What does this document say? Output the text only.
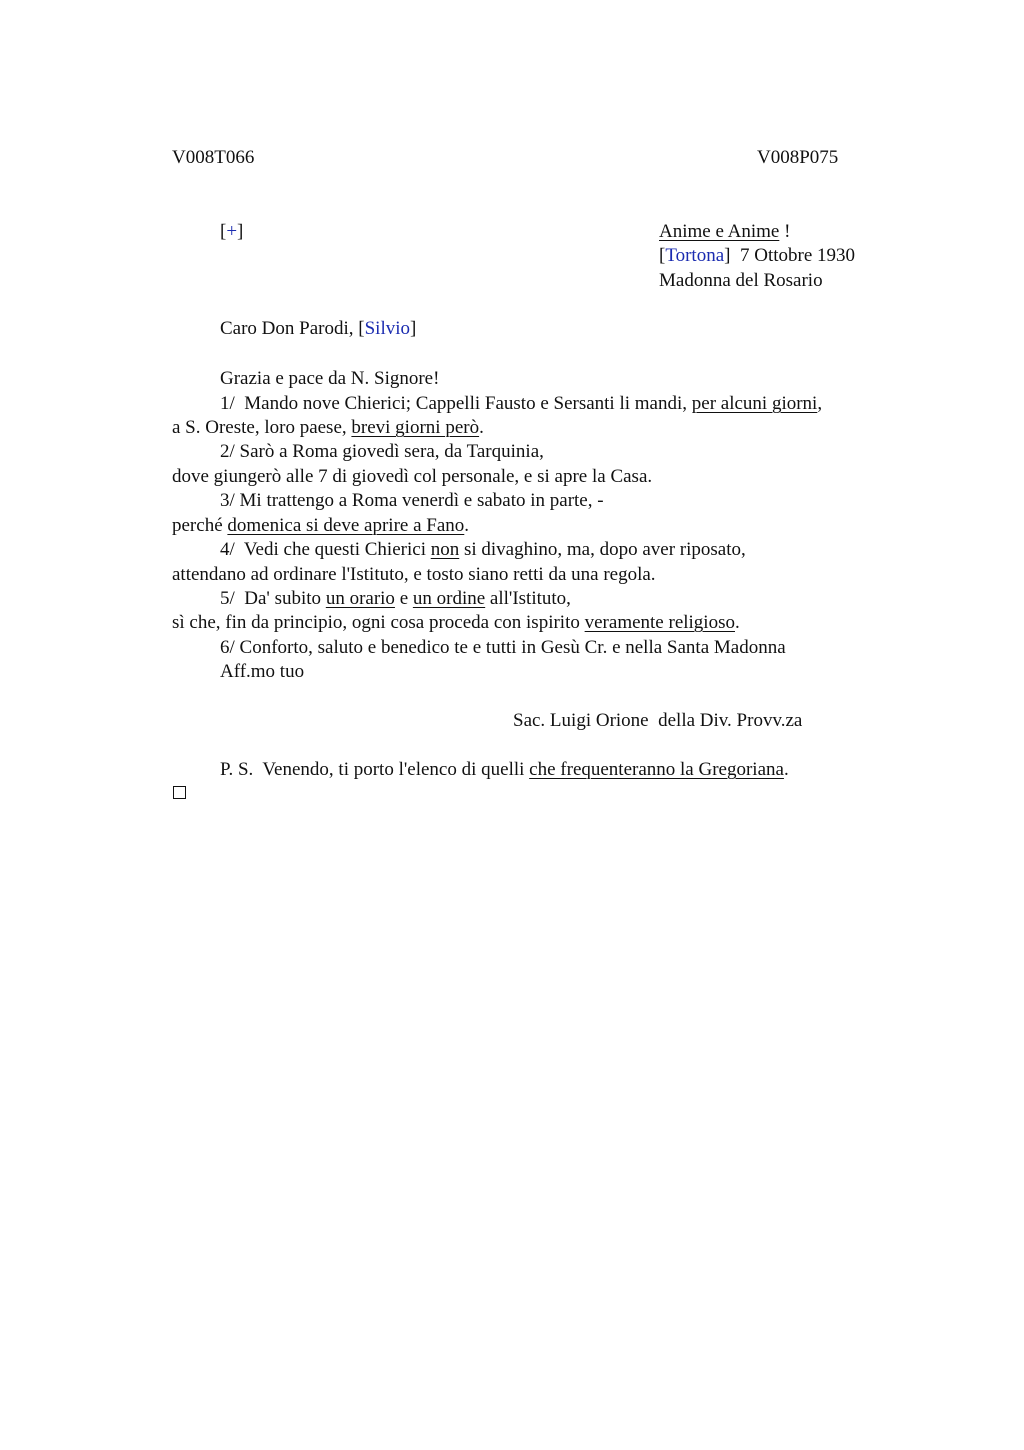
V008T066	V008P075
[+]	Anime e Anime !
[Tortona]  7 Ottobre 1930
Madonna del Rosario
Caro Don Parodi, [Silvio]
Grazia e pace da N. Signore!
1/  Mando nove Chierici; Cappelli Fausto e Sersanti li mandi, per alcuni giorni,
a S. Oreste, loro paese, brevi giorni però.
2/ Sarò a Roma giovedì sera, da Tarquinia,
dove giungerò alle 7 di giovedì col personale, e si apre la Casa.
3/ Mi trattengo a Roma venerdì e sabato in parte, -
perché domenica si deve aprire a Fano.
4/  Vedi che questi Chierici non si divaghino, ma, dopo aver riposato,
attendano ad ordinare l'Istituto, e tosto siano retti da una regola.
5/  Da' subito un orario e un ordine all'Istituto,
sì che, fin da principio, ogni cosa proceda con ispirito veramente religioso.
6/ Conforto, saluto e benedico te e tutti in Gesù Cr. e nella Santa Madonna
Aff.mo tuo
Sac. Luigi Orione  della Div. Provv.za
P. S.  Venendo, ti porto l'elenco di quelli che frequenteranno la Gregoriana.
